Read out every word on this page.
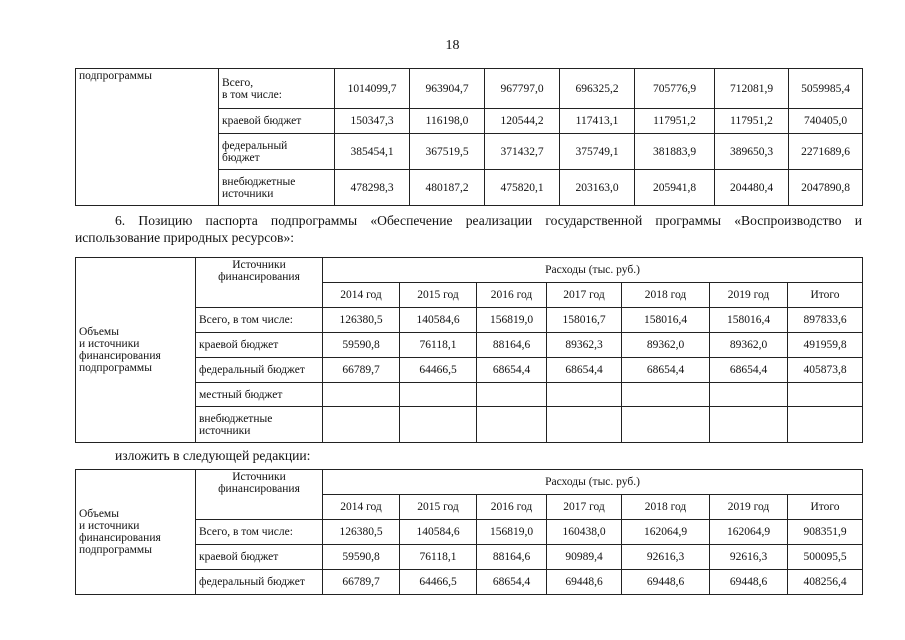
18
подпрограммы	Всего,
в том числе:	1014099,7	963904,7	967797,0	696325,2	705776,9	712081,9	5059985,4
	краевой бюджет	150347,3	116198,0	120544,2	117413,1	117951,2	117951,2	740405,0
	федеральный
бюджет	385454,1	367519,5	371432,7	375749,1	381883,9	389650,3	2271689,6
	внебюджетные
источники	478298,3	480187,2	475820,1	203163,0	205941,8	204480,4	2047890,8
6. Позицию паспорта подпрограммы «Обеспечение реализации государственной программы «Воспроизводство и использование природных ресурсов»:
Объемы
и источники
финансирования
подпрограммы	Источники
финансирования	Расходы (тыс. руб.)						
		2014 год	2015 год	2016 год	2017 год	2018 год	2019 год	Итого
	Всего, в том числе:	126380,5	140584,6	156819,0	158016,7	158016,4	158016,4	897833,6
	краевой бюджет	59590,8	76118,1	88164,6	89362,3	89362,0	89362,0	491959,8
	федеральный бюджет	66789,7	64466,5	68654,4	68654,4	68654,4	68654,4	405873,8
	местный бюджет							
	внебюджетные
источники							
изложить в следующей редакции:
Объемы
и источники
финансирования
подпрограммы	Источники
финансирования	Расходы (тыс. руб.)						
		2014 год	2015 год	2016 год	2017 год	2018 год	2019 год	Итого
	Всего, в том числе:	126380,5	140584,6	156819,0	160438,0	162064,9	162064,9	908351,9
	краевой бюджет	59590,8	76118,1	88164,6	90989,4	92616,3	92616,3	500095,5
	федеральный бюджет	66789,7	64466,5	68654,4	69448,6	69448,6	69448,6	408256,4
